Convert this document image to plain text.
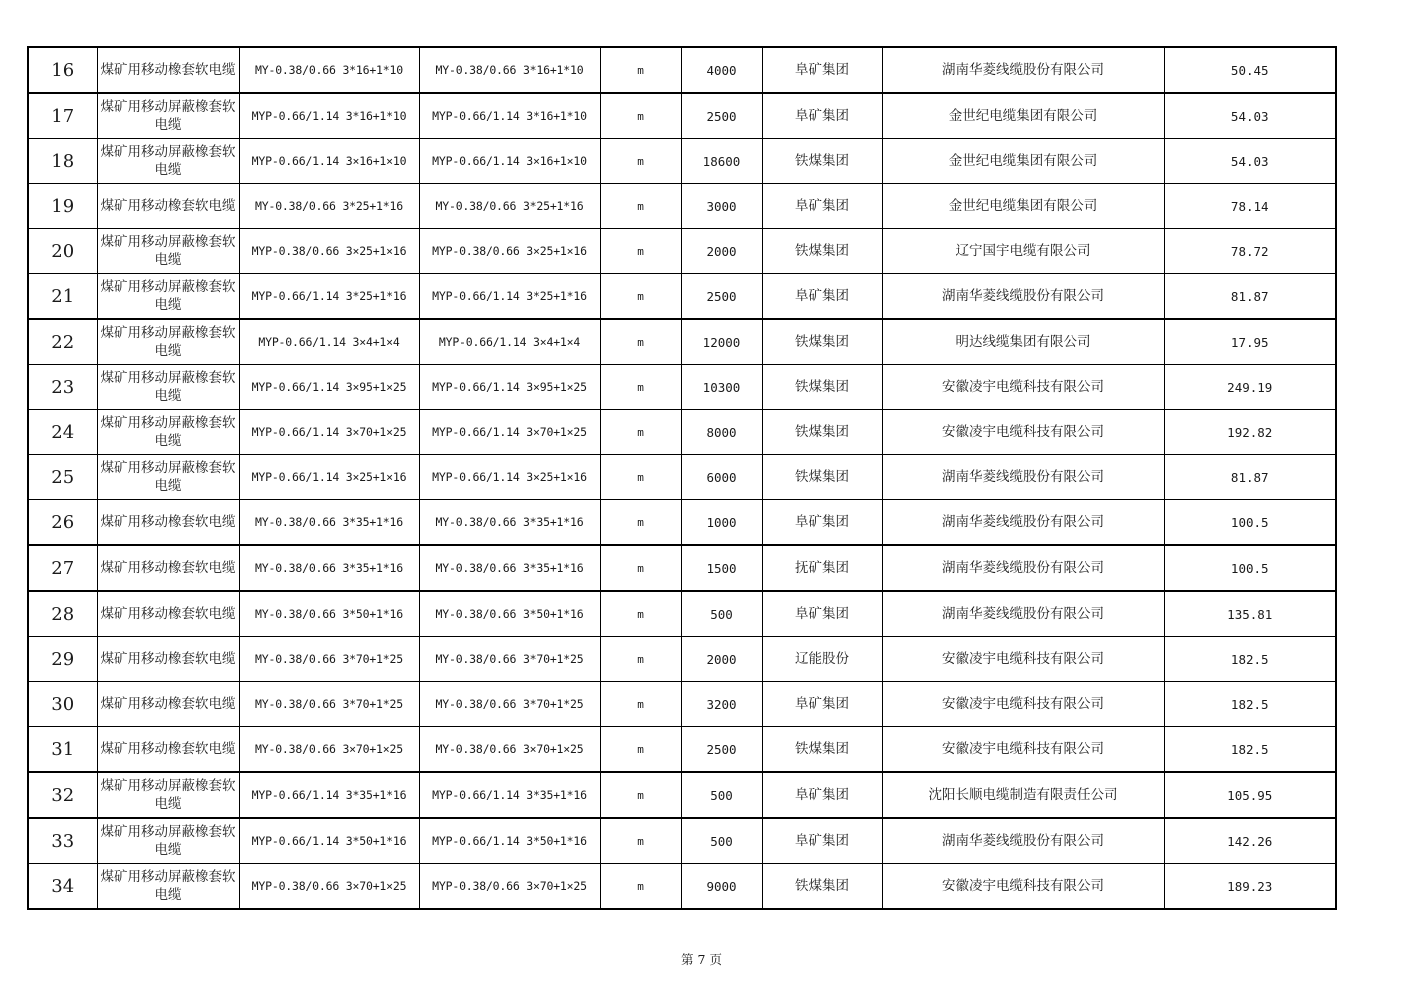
16	煤矿用移动橡套软电缆	MY-0.38/0.66 3*16+1*10	MY-0.38/0.66 3*16+1*10	m	4000	阜矿集团	湖南华菱线缆股份有限公司	50.45
17	煤矿用移动屏蔽橡套软电缆	MYP-0.66/1.14 3*16+1*10	MYP-0.66/1.14 3*16+1*10	m	2500	阜矿集团	金世纪电缆集团有限公司	54.03
18	煤矿用移动屏蔽橡套软电缆	MYP-0.66/1.14 3×16+1×10	MYP-0.66/1.14 3×16+1×10	m	18600	铁煤集团	金世纪电缆集团有限公司	54.03
19	煤矿用移动橡套软电缆	MY-0.38/0.66 3*25+1*16	MY-0.38/0.66 3*25+1*16	m	3000	阜矿集团	金世纪电缆集团有限公司	78.14
20	煤矿用移动屏蔽橡套软电缆	MYP-0.38/0.66 3×25+1×16	MYP-0.38/0.66 3×25+1×16	m	2000	铁煤集团	辽宁国宇电缆有限公司	78.72
21	煤矿用移动屏蔽橡套软电缆	MYP-0.66/1.14 3*25+1*16	MYP-0.66/1.14 3*25+1*16	m	2500	阜矿集团	湖南华菱线缆股份有限公司	81.87
22	煤矿用移动屏蔽橡套软电缆	MYP-0.66/1.14 3×4+1×4	MYP-0.66/1.14 3×4+1×4	m	12000	铁煤集团	明达线缆集团有限公司	17.95
23	煤矿用移动屏蔽橡套软电缆	MYP-0.66/1.14 3×95+1×25	MYP-0.66/1.14 3×95+1×25	m	10300	铁煤集团	安徽凌宇电缆科技有限公司	249.19
24	煤矿用移动屏蔽橡套软电缆	MYP-0.66/1.14 3×70+1×25	MYP-0.66/1.14 3×70+1×25	m	8000	铁煤集团	安徽凌宇电缆科技有限公司	192.82
25	煤矿用移动屏蔽橡套软电缆	MYP-0.66/1.14 3×25+1×16	MYP-0.66/1.14 3×25+1×16	m	6000	铁煤集团	湖南华菱线缆股份有限公司	81.87
26	煤矿用移动橡套软电缆	MY-0.38/0.66 3*35+1*16	MY-0.38/0.66 3*35+1*16	m	1000	阜矿集团	湖南华菱线缆股份有限公司	100.5
27	煤矿用移动橡套软电缆	MY-0.38/0.66 3*35+1*16	MY-0.38/0.66 3*35+1*16	m	1500	抚矿集团	湖南华菱线缆股份有限公司	100.5
28	煤矿用移动橡套软电缆	MY-0.38/0.66 3*50+1*16	MY-0.38/0.66 3*50+1*16	m	500	阜矿集团	湖南华菱线缆股份有限公司	135.81
29	煤矿用移动橡套软电缆	MY-0.38/0.66 3*70+1*25	MY-0.38/0.66 3*70+1*25	m	2000	辽能股份	安徽凌宇电缆科技有限公司	182.5
30	煤矿用移动橡套软电缆	MY-0.38/0.66 3*70+1*25	MY-0.38/0.66 3*70+1*25	m	3200	阜矿集团	安徽凌宇电缆科技有限公司	182.5
31	煤矿用移动橡套软电缆	MY-0.38/0.66 3×70+1×25	MY-0.38/0.66 3×70+1×25	m	2500	铁煤集团	安徽凌宇电缆科技有限公司	182.5
32	煤矿用移动屏蔽橡套软电缆	MYP-0.66/1.14 3*35+1*16	MYP-0.66/1.14 3*35+1*16	m	500	阜矿集团	沈阳长顺电缆制造有限责任公司	105.95
33	煤矿用移动屏蔽橡套软电缆	MYP-0.66/1.14 3*50+1*16	MYP-0.66/1.14 3*50+1*16	m	500	阜矿集团	湖南华菱线缆股份有限公司	142.26
34	煤矿用移动屏蔽橡套软电缆	MYP-0.38/0.66 3×70+1×25	MYP-0.38/0.66 3×70+1×25	m	9000	铁煤集团	安徽凌宇电缆科技有限公司	189.23
第 7 页
